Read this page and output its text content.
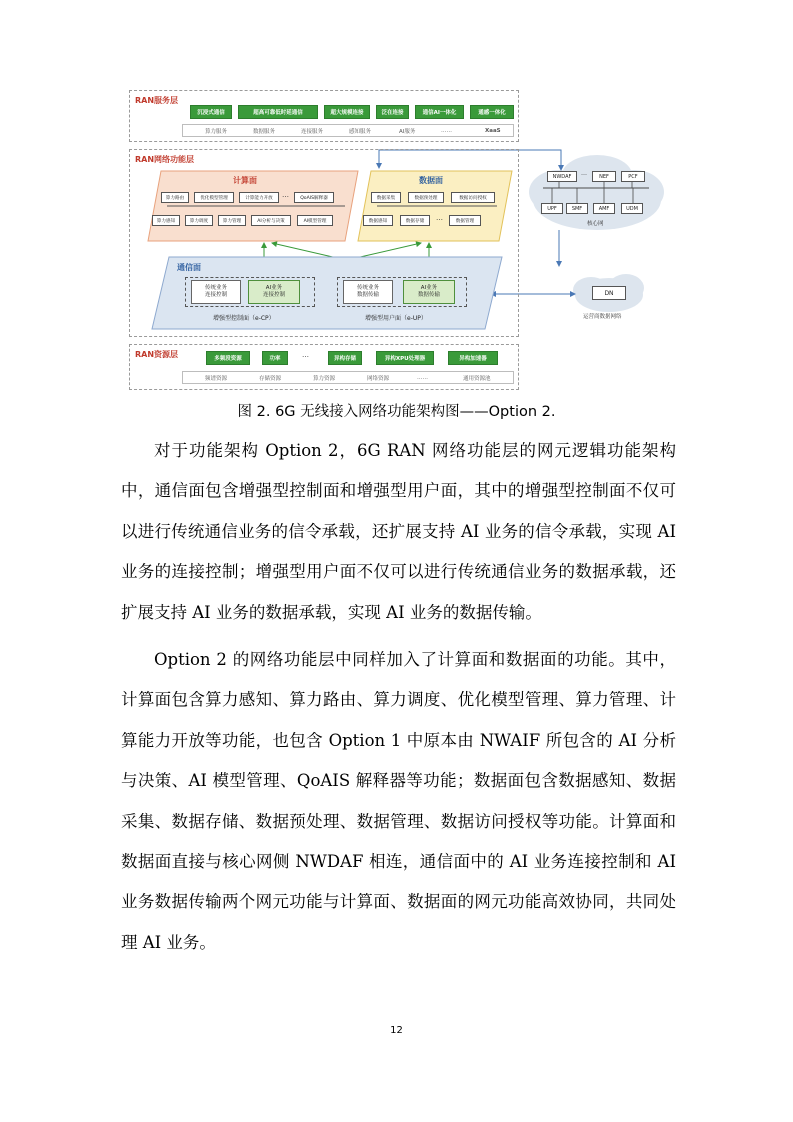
RAN服务层
沉浸式通信	超高可靠低时延通信	超大规模连接	泛在连接	通信AI一体化	通感一体化
算力服务	数据服务	连接服务	感知服务	AI服务	……	XaaS
RAN网络功能层
计算面
算力路由	优化模型管理	计算能力开放	…	QoAIS解释器
算力感知	算力调度	算力管理	AI分析与决策	AI模型管理
数据面
数据采集	数据预处理	数据访问授权
数据感知	数据存储	…	数据管理
通信面
传统业务
连接控制
AI业务
连接控制
增强型控制面（e-CP）
传统业务
数据传输
AI业务
数据传输
增强型用户面（e-UP）
NWDAF	…	NEF	PCF
UPF	SMF	AMF	UDM
核心网
DN
运营商数据网络
RAN资源层	多频段资源	功率	…	异构存储	异构XPU处理器	异构加速器
频谱资源	存储资源	算力资源	网络资源	……	通用资源池
图 2. 6G 无线接入网络功能架构图——Option 2.

对于功能架构 Option 2，6G RAN 网络功能层的网元逻辑功能架构中，通信面包含增强型控制面和增强型用户面，其中的增强型控制面不仅可以进行传统通信业务的信令承载，还扩展支持 AI 业务的信令承载，实现 AI 业务的连接控制；增强型用户面不仅可以进行传统通信业务的数据承载，还扩展支持 AI 业务的数据承载，实现 AI 业务的数据传输。

Option 2 的网络功能层中同样加入了计算面和数据面的功能。其中，计算面包含算力感知、算力路由、算力调度、优化模型管理、算力管理、计算能力开放等功能，也包含 Option 1 中原本由 NWAIF 所包含的 AI 分析与决策、AI 模型管理、QoAIS 解释器等功能；数据面包含数据感知、数据采集、数据存储、数据预处理、数据管理、数据访问授权等功能。计算面和数据面直接与核心网侧 NWDAF 相连，通信面中的 AI 业务连接控制和 AI 业务数据传输两个网元功能与计算面、数据面的网元功能高效协同，共同处理 AI 业务。

12
